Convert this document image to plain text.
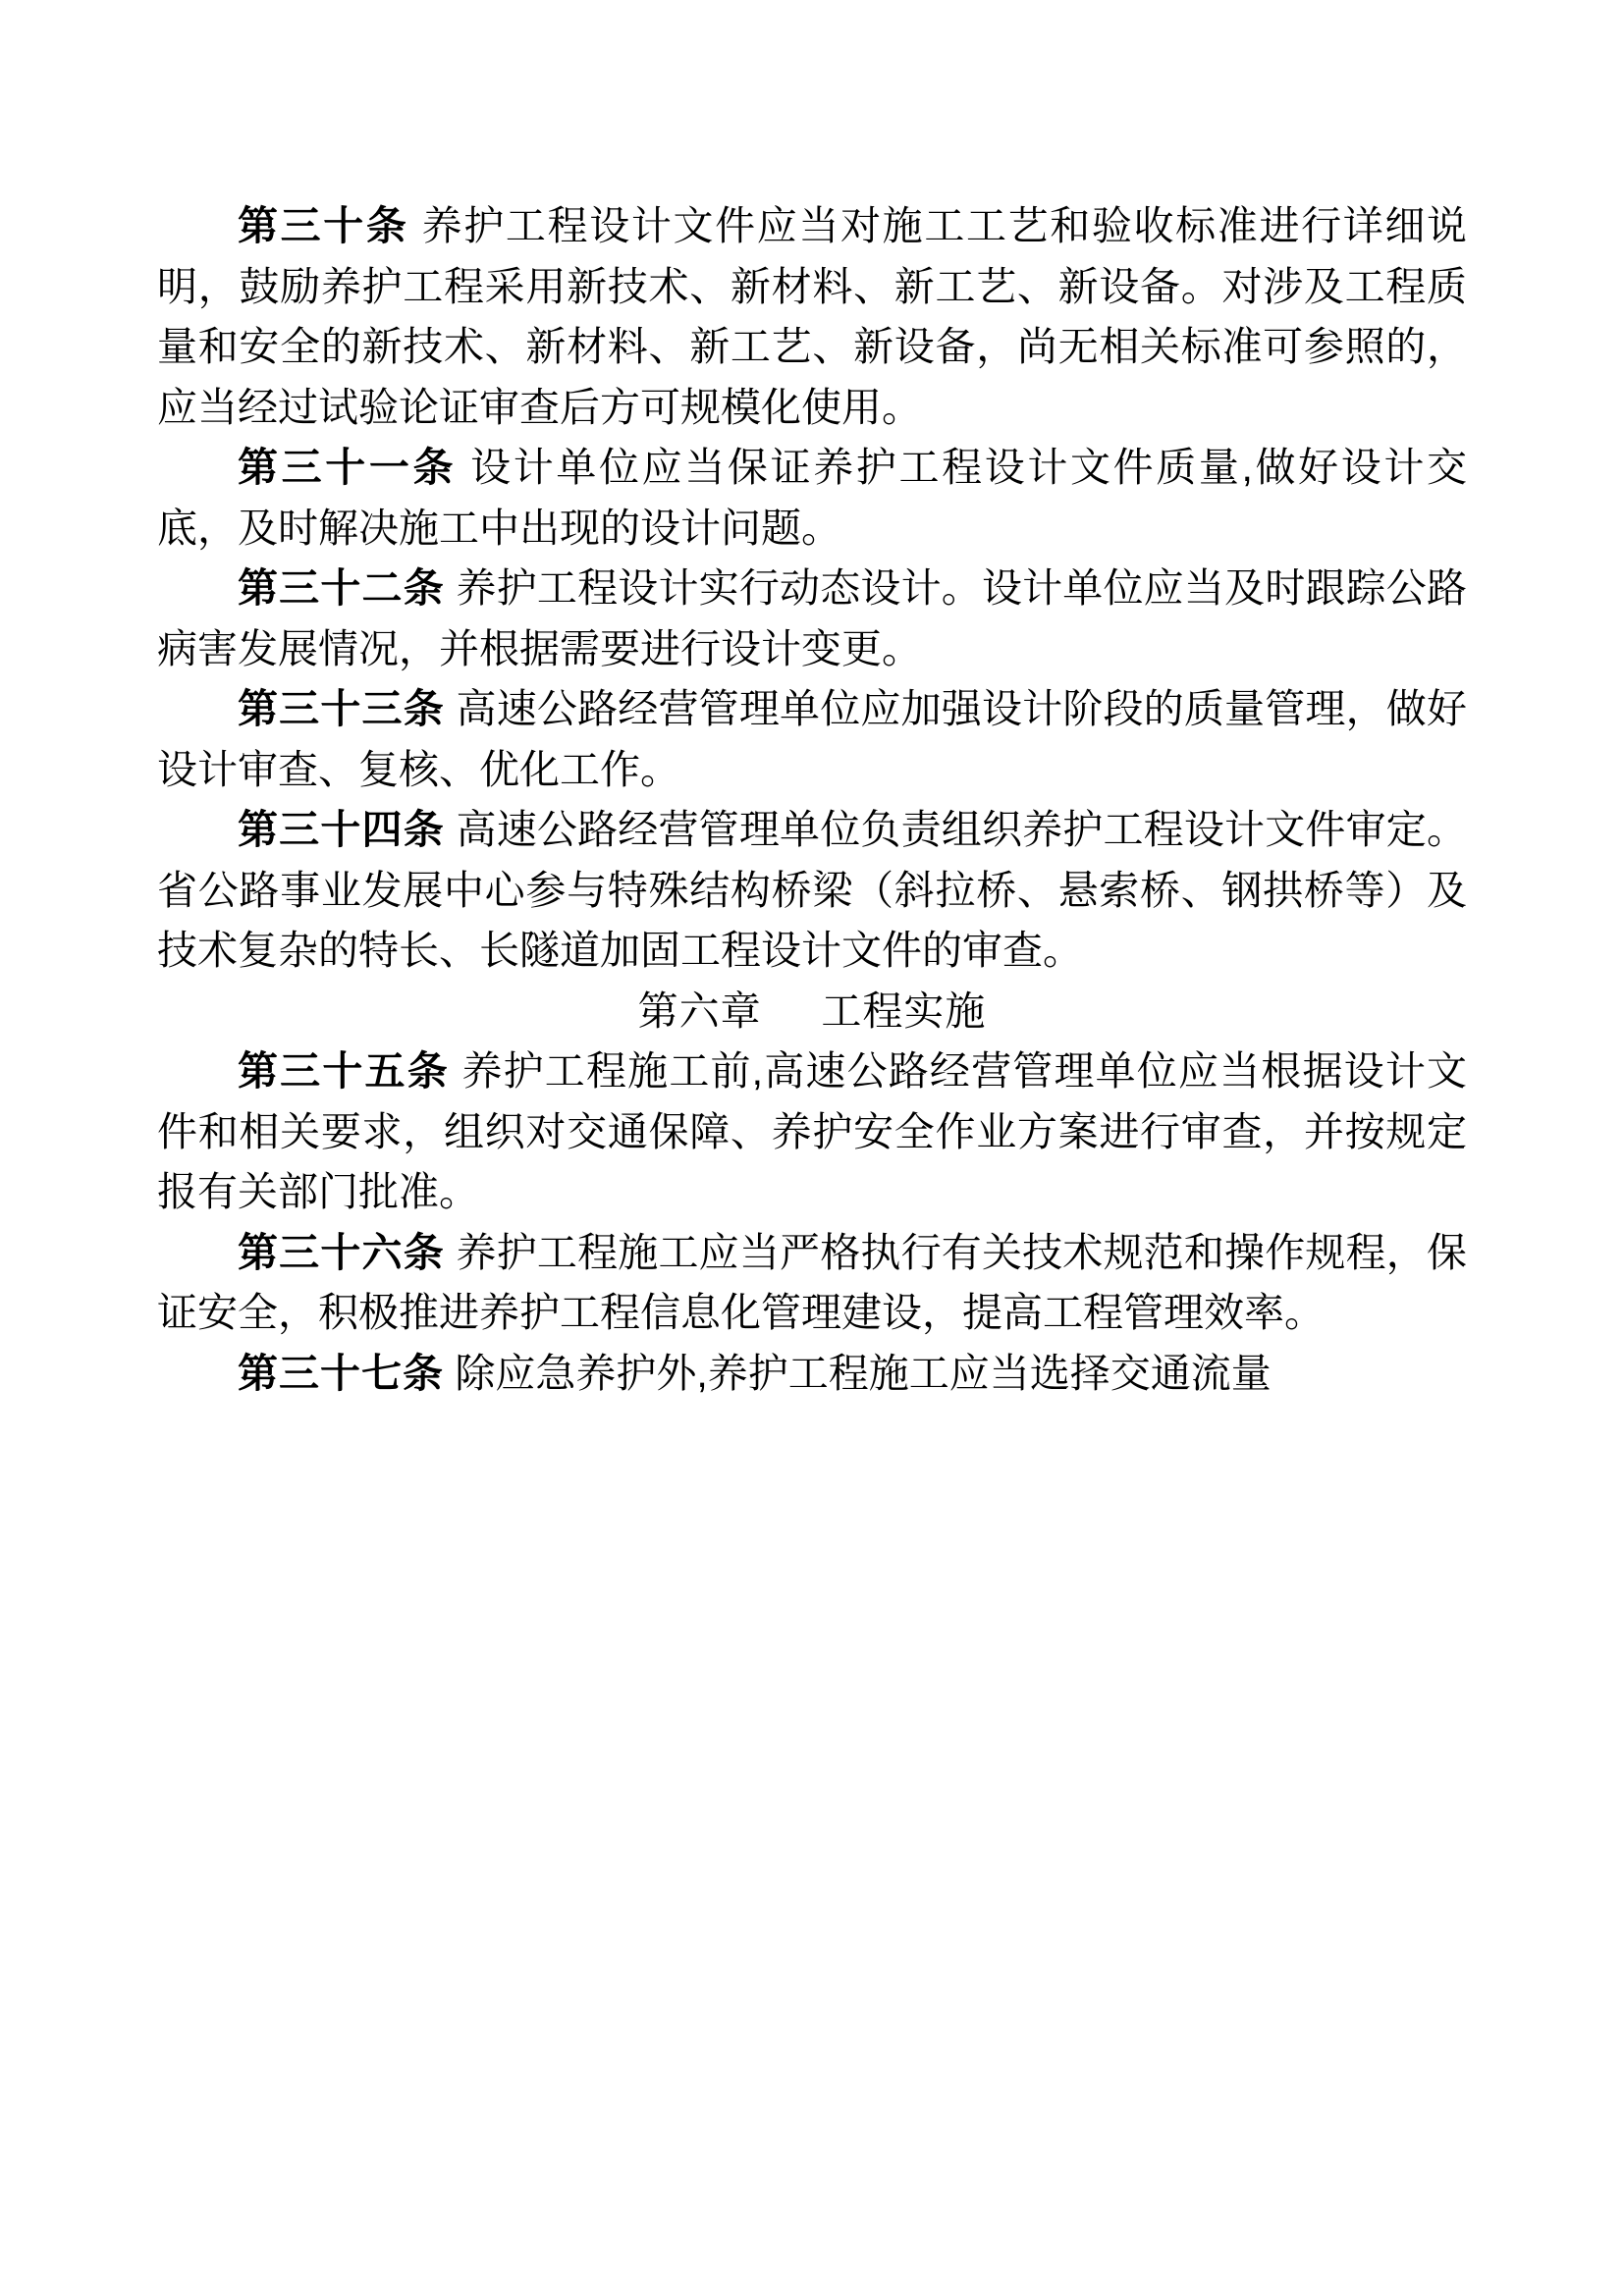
第三十条 养护工程设计文件应当对施工工艺和验收标准进行详细说明，鼓励养护工程采用新技术、新材料、新工艺、新设备。对涉及工程质量和安全的新技术、新材料、新工艺、新设备，尚无相关标准可参照的，应当经过试验论证审查后方可规模化使用。

第三十一条 设计单位应当保证养护工程设计文件质量,做好设计交底，及时解决施工中出现的设计问题。

第三十二条 养护工程设计实行动态设计。设计单位应当及时跟踪公路病害发展情况，并根据需要进行设计变更。

第三十三条 高速公路经营管理单位应加强设计阶段的质量管理，做好设计审查、复核、优化工作。

第三十四条 高速公路经营管理单位负责组织养护工程设计文件审定。省公路事业发展中心参与特殊结构桥梁（斜拉桥、悬索桥、钢拱桥等）及技术复杂的特长、长隧道加固工程设计文件的审查。

第六章 工程实施

第三十五条 养护工程施工前,高速公路经营管理单位应当根据设计文件和相关要求，组织对交通保障、养护安全作业方案进行审查，并按规定报有关部门批准。

第三十六条 养护工程施工应当严格执行有关技术规范和操作规程，保证安全，积极推进养护工程信息化管理建设，提高工程管理效率。

第三十七条 除应急养护外,养护工程施工应当选择交通流量
